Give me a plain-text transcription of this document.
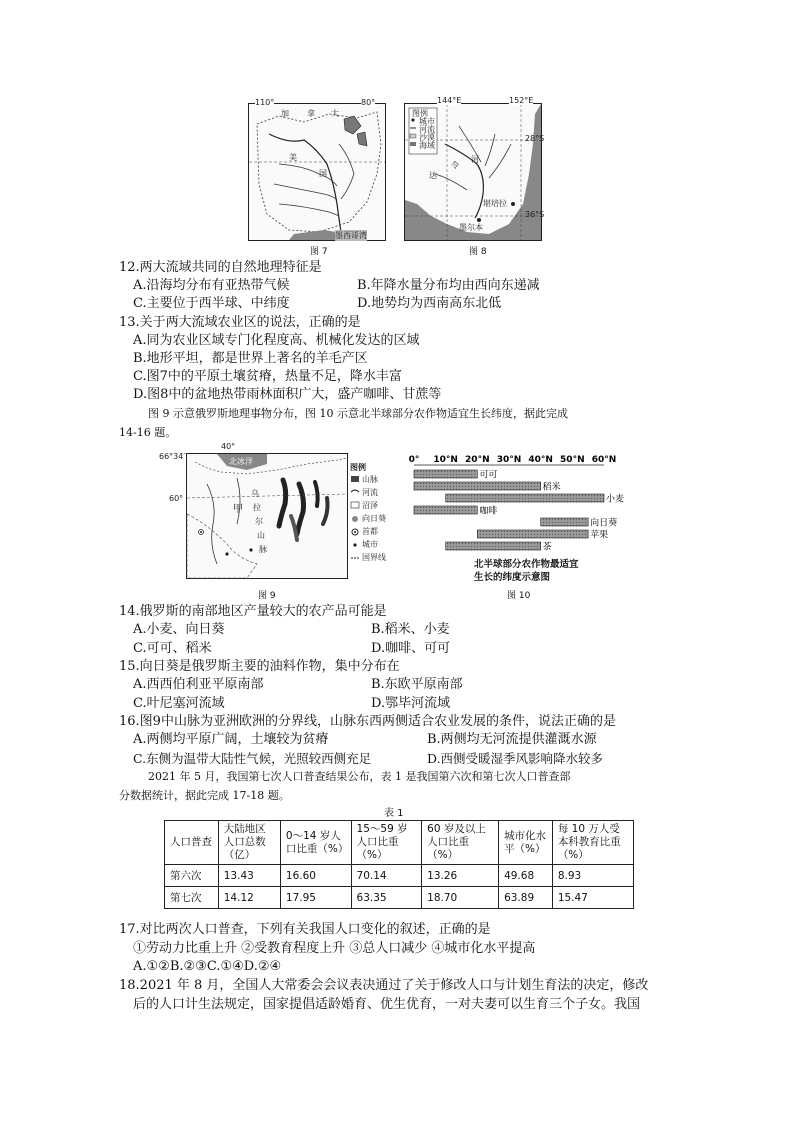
110°	80°
加 拿 大
美
国
墨西哥湾
图 7
144°E	152°E
28°S
36°S
图例
城市
河流
沙漠
海域
达
令
河
墨尔本
堪培拉
图 8
12.两大流域共同的自然地理特征是
A.沿海均分布有亚热带气候	B.年降水量分布均由西向东递减
C.主要位于西半球、中纬度	D.地势均为西南高东北低
13.关于两大流域农业区的说法，正确的是
A.同为农业区域专门化程度高、机械化发达的区域
B.地形平坦，都是世界上著名的羊毛产区
C.图7中的平原土壤贫瘠，热量不足，降水丰富
D.图8中的盆地热带雨林面积广大，盛产咖啡、甘蔗等
图 9 示意俄罗斯地理事物分布，图 10 示意北半球部分农作物适宜生长纬度，据此完成
14-16 题。
66°34′
60°
40°
北冰洋
甲
乌
拉
尔
山
脉
图例
山脉
河流
沼泽
向日葵
首都
城市
国界线
图 9
0° 10°N 20°N 30°N 40°N 50°N 60°N
可可
稻米
小麦
咖啡
向日葵
苹果
茶
北半球部分农作物最适宜
生长的纬度示意图
图 10
14.俄罗斯的南部地区产量较大的农产品可能是
A.小麦、向日葵	B.稻米、小麦
C.可可、稻米	D.咖啡、可可
15.向日葵是俄罗斯主要的油料作物，集中分布在
A.西西伯利亚平原南部	B.东欧平原南部
C.叶尼塞河流域	D.鄂毕河流域
16.图9中山脉为亚洲欧洲的分界线，山脉东西两侧适合农业发展的条件，说法正确的是
A.两侧均平原广阔，土壤较为贫瘠	B.两侧均无河流提供灌溉水源
C.东侧为温带大陆性气候，光照较西侧充足	D.西侧受暖湿季风影响降水较多
2021 年 5 月，我国第七次人口普查结果公布，表 1 是我国第六次和第七次人口普查部
分数据统计，据此完成 17-18 题。
表 1
人口普查	大陆地区人口总数（亿）	0～14 岁人口比重（%）	15～59 岁人口比重（%）	60 岁及以上人口比重（%）	城市化水平（%）	每 10 万人受本科教育比重（%）
第六次	13.43	16.60	70.14	13.26	49.68	8.93
第七次	14.12	17.95	63.35	18.70	63.89	15.47
17.对比两次人口普查，下列有关我国人口变化的叙述，正确的是
①劳动力比重上升 ②受教育程度上升 ③总人口减少 ④城市化水平提高
A.①②B.②③C.①④D.②④
18.2021 年 8 月，全国人大常委会会议表决通过了关于修改人口与计划生育法的决定，修改
后的人口计生法规定，国家提倡适龄婚育、优生优育，一对夫妻可以生育三个子女。我国
